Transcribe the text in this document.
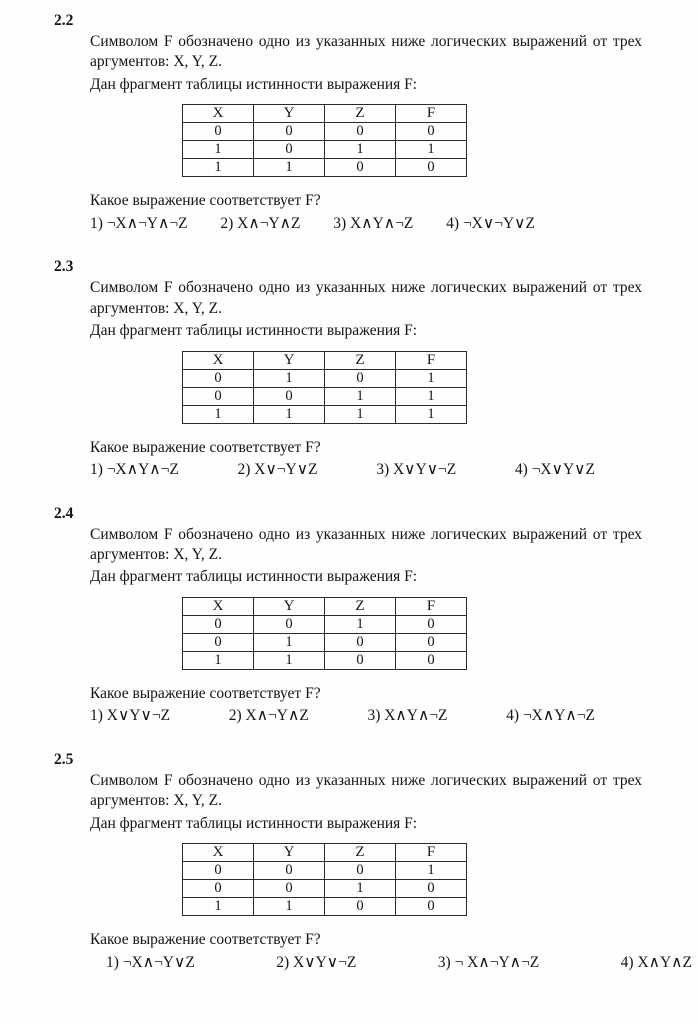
2.2

Символом F обозначено одно из указанных ниже логических выражений от трех аргументов: X, Y, Z.

Дан фрагмент таблицы истинности выражения F:

X	Y	Z	F
0	0	0	0
1	0	1	1
1	1	0	0

Какое выражение соответствует F?

1) ¬X∧¬Y∧¬Z 2) X∧¬Y∧Z 3) X∧Y∧¬Z 4) ¬X∨¬Y∨Z
2.3

Символом F обозначено одно из указанных ниже логических выражений от трех аргументов: X, Y, Z.

Дан фрагмент таблицы истинности выражения F:

X	Y	Z	F
0	1	0	1
0	0	1	1
1	1	1	1

Какое выражение соответствует F?

1) ¬X∧Y∧¬Z	2) X∨¬Y∨Z	3) X∨Y∨¬Z	4) ¬X∨Y∨Z
2.4

Символом F обозначено одно из указанных ниже логических выражений от трех аргументов: X, Y, Z.

Дан фрагмент таблицы истинности выражения F:

X	Y	Z	F
0	0	1	0
0	1	0	0
1	1	0	0

Какое выражение соответствует F?

1) X∨Y∨¬Z	2) X∧¬Y∧Z	3) X∧Y∧¬Z	4) ¬X∧Y∧¬Z
2.5

Символом F обозначено одно из указанных ниже логических выражений от трех аргументов: X, Y, Z.

Дан фрагмент таблицы истинности выражения F:

X	Y	Z	F
0	0	0	1
0	0	1	0
1	1	0	0

Какое выражение соответствует F?

1) ¬X∧¬Y∨Z	2) X∨Y∨¬Z	3) ¬ X∧¬Y∧¬Z	4) X∧Y∧Z
